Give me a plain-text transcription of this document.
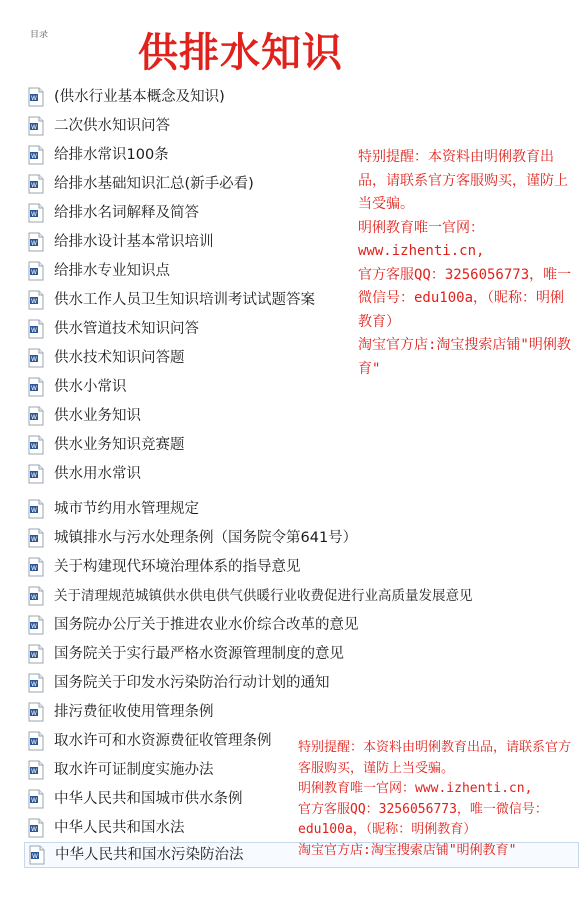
目录 供排水知识
W (供水行业基本概念及知识)
W 二次供水知识问答
W 给排水常识100条
W 给排水基础知识汇总(新手必看)
W 给排水名词解释及简答
W 给排水设计基本常识培训
W 给排水专业知识点
W 供水工作人员卫生知识培训考试试题答案
W 供水管道技术知识问答
W 供水技术知识问答题
W 供水小常识
W 供水业务知识
W 供水业务知识竞赛题
W 供水用水常识
W 城市节约用水管理规定
W 城镇排水与污水处理条例（国务院令第641号）
W 关于构建现代环境治理体系的指导意见
W 关于清理规范城镇供水供电供气供暖行业收费促进行业高质量发展意见
W 国务院办公厅关于推进农业水价综合改革的意见
W 国务院关于实行最严格水资源管理制度的意见
W 国务院关于印发水污染防治行动计划的通知
W 排污费征收使用管理条例
W 取水许可和水资源费征收管理条例
W 取水许可证制度实施办法
W 中华人民共和国城市供水条例
W 中华人民共和国水法
W 中华人民共和国水污染防治法

特别提醒：本资料由明俐教育出品，请联系官方客服购买，谨防上当受骗。

明俐教育唯一官网：www.izhenti.cn,

官方客服QQ：3256056773，唯一微信号：edu100a，（昵称：明俐教育）

淘宝官方店:淘宝搜索店铺"明俐教育"

特别提醒：本资料由明俐教育出品，请联系官方客服购买，谨防上当受骗。

明俐教育唯一官网：www.izhenti.cn,

官方客服QQ：3256056773，唯一微信号：edu100a，（昵称：明俐教育）

淘宝官方店:淘宝搜索店铺"明俐教育"
